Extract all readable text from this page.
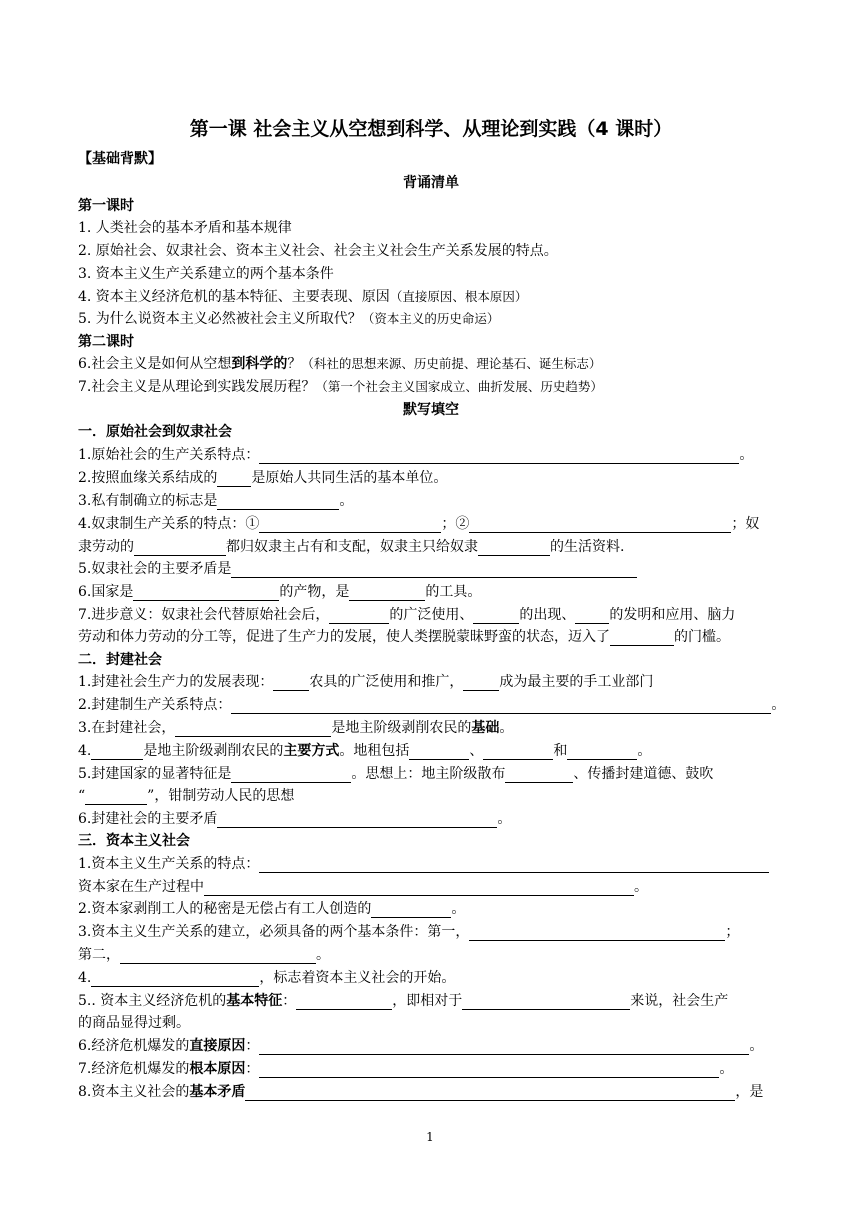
第一课 社会主义从空想到科学、从理论到实践（4 课时）
【基础背默】
背诵清单
第一课时
1. 人类社会的基本矛盾和基本规律
2. 原始社会、奴隶社会、资本主义社会、社会主义社会生产关系发展的特点。
3. 资本主义生产关系建立的两个基本条件
4. 资本主义经济危机的基本特征、主要表现、原因（直接原因、根本原因）
5. 为什么说资本主义必然被社会主义所取代？（资本主义的历史命运）
第二课时
6.社会主义是如何从空想到科学的？（科社的思想来源、历史前提、理论基石、诞生标志）
7.社会主义是从理论到实践发展历程？（第一个社会主义国家成立、曲折发展、历史趋势）
默写填空
一．原始社会到奴隶社会
1.原始社会的生产关系特点：	。
2.按照血缘关系结成的 是原始人共同生活的基本单位。
3.私有制确立的标志是	。
4.奴隶制生产关系的特点：①	；②	；奴
隶劳动的	都归奴隶主占有和支配，奴隶主只给奴隶	的生活资料.
5.奴隶社会的主要矛盾是
6.国家是	的产物，是	的工具。
7.进步意义：奴隶社会代替原始社会后，	的广泛使用、	的出现、 的发明和应用、脑力
劳动和体力劳动的分工等，促进了生产力的发展，使人类摆脱蒙昧野蛮的状态，迈入了	的门槛。
二．封建社会
1.封建社会生产力的发展表现：	农具的广泛使用和推广，	成为最主要的手工业部门
2.封建制生产关系特点：	。
3.在封建社会，	是地主阶级剥削农民的基础。
4.	是地主阶级剥削农民的主要方式。地租包括	、	和	。
5.封建国家的显著特征是	。思想上：地主阶级散布	、传播封建道德、鼓吹
“	”，钳制劳动人民的思想
6.封建社会的主要矛盾	。
三．资本主义社会
1.资本主义生产关系的特点：
资本家在生产过程中	。
2.资本家剥削工人的秘密是无偿占有工人创造的	。
3.资本主义生产关系的建立，必须具备的两个基本条件：第一，	；
第二，	。
4.	，标志着资本主义社会的开始。
5.. 资本主义经济危机的基本特征：	，即相对于	来说，社会生产
的商品显得过剩。
6.经济危机爆发的直接原因：	。
7.经济危机爆发的根本原因：	。
8.资本主义社会的基本矛盾	，是
1
